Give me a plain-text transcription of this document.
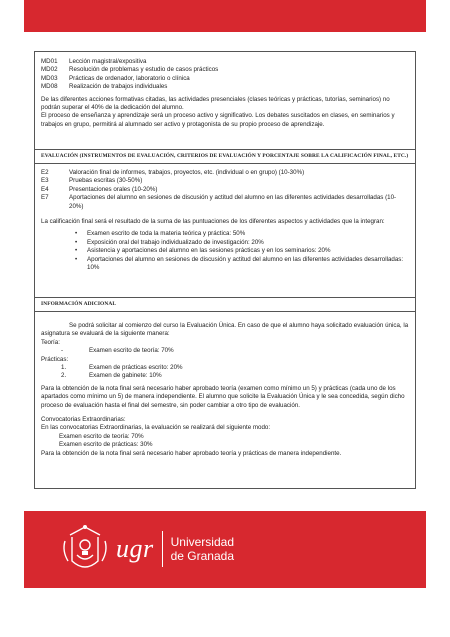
MD01	Lección magistral/expositiva
MD02	Resolución de problemas y estudio de casos prácticos
MD03	Prácticas de ordenador, laboratorio o clínica
MD08	Realización de trabajos individuales

De las diferentes acciones formativas citadas, las actividades presenciales (clases teóricas y prácticas, tutorías, seminarios) no podrán superar el 40% de la dedicación del alumno.

El proceso de enseñanza y aprendizaje será un proceso activo y significativo. Los debates suscitados en clases, en seminarios y trabajos en grupo, permitirá al alumnado ser activo y protagonista de su propio proceso de aprendizaje.

EVALUACIÓN (INSTRUMENTOS DE EVALUACIÓN, CRITERIOS DE EVALUACIÓN Y PORCENTAJE SOBRE LA CALIFICACIÓN FINAL, ETC.)
E2	Valoración final de informes, trabajos, proyectos, etc. (individual o en grupo) (10-30%)
E3	Pruebas escritas (30-50%)
E4	Presentaciones orales (10-20%)
E7	Aportaciones del alumno en sesiones de discusión y actitud del alumno en las diferentes actividades desarrolladas (10-20%)

La calificación final será el resultado de la suma de las puntuaciones de los diferentes aspectos y actividades que la integran:

•	Examen escrito de toda la materia teórica y práctica: 50%
•	Exposición oral del trabajo individualizado de investigación: 20%
•	Asistencia y aportaciones del alumno en las sesiones prácticas y en los seminarios: 20%
•	Aportaciones del alumno en sesiones de discusión y actitud del alumno en las diferentes actividades desarrolladas: 10%
INFORMACIÓN ADICIONAL

Se podrá solicitar al comienzo del curso la Evaluación Única. En caso de que el alumno haya solicitado evaluación única, la asignatura se evaluará de la siguiente manera:

Teoría:

-	Examen escrito de teoría: 70%

Prácticas:

1.	Examen de prácticas escrito: 20%
2.	Examen de gabinete: 10%

Para la obtención de la nota final será necesario haber aprobado teoría (examen como mínimo un 5) y prácticas (cada uno de los apartados como mínimo un 5) de manera independiente. El alumno que solicite la Evaluación Única y le sea concedida, según dicho proceso de evaluación hasta el final del semestre, sin poder cambiar a otro tipo de evaluación.

Convocatorias Extraordinarias:

En las convocatorias Extraordinarias, la evaluación se realizará del siguiente modo:

Examen escrito de teoría: 70%

Examen escrito de prácticas: 30%

Para la obtención de la nota final será necesario haber aprobado teoría y prácticas de manera independiente.

ugr Universidad
de Granada
